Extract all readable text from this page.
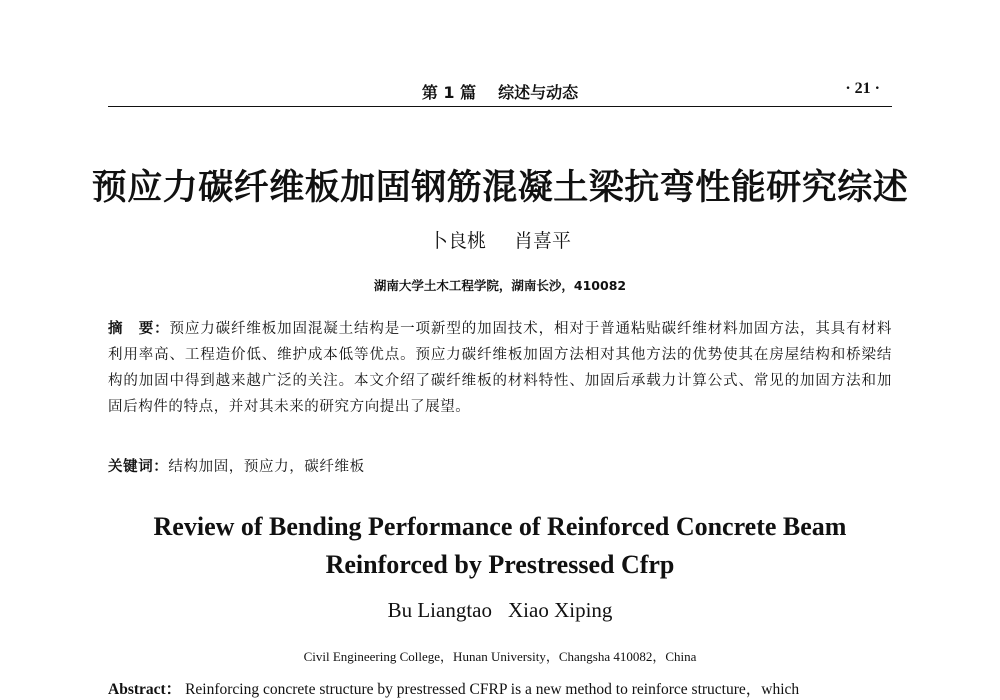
第 1 篇 综述与动态	· 21 ·
预应力碳纤维板加固钢筋混凝土梁抗弯性能研究综述
卜良桃 肖喜平
湖南大学土木工程学院，湖南长沙，410082
摘　要：预应力碳纤维板加固混凝土结构是一项新型的加固技术，相对于普通粘贴碳纤维材料加固方法，其具有材料利用率高、工程造价低、维护成本低等优点。预应力碳纤维板加固方法相对其他方法的优势使其在房屋结构和桥梁结构的加固中得到越来越广泛的关注。本文介绍了碳纤维板的材料特性、加固后承载力计算公式、常见的加固方法和加固后构件的特点，并对其未来的研究方向提出了展望。
关键词：结构加固，预应力，碳纤维板
Review of Bending Performance of Reinforced Concrete Beam
Reinforced by Prestressed Cfrp
Bu Liangtao Xiao Xiping
Civil Engineering College，Hunan University，Changsha 410082，China
Abstract： Reinforcing concrete structure by prestressed CFRP is a new method to reinforce structure，which
